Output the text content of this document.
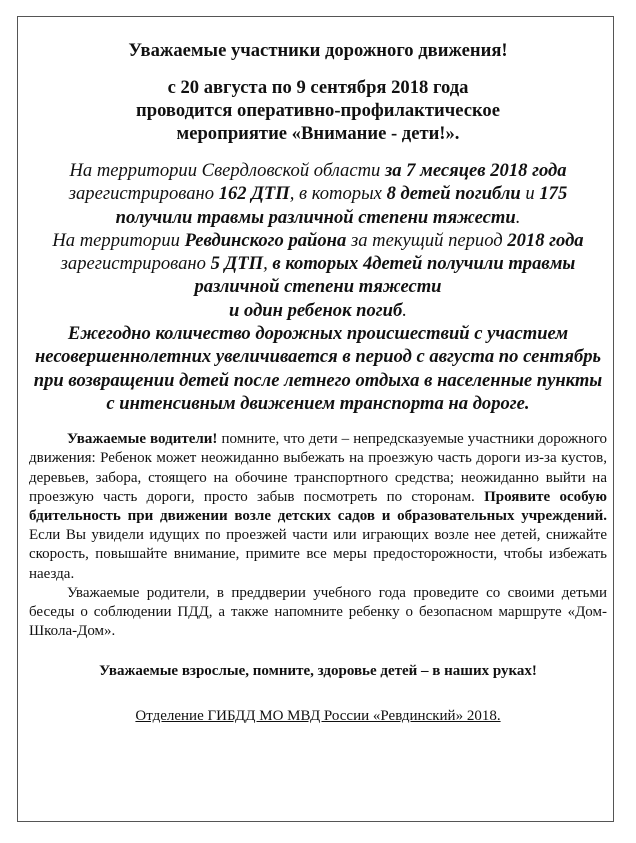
Уважаемые участники дорожного движения!

с 20 августа по 9 сентября 2018 года
проводится оперативно-профилактическое
мероприятие «Внимание - дети!».

На территории Свердловской области за 7 месяцев 2018 года зарегистрировано 162 ДТП, в которых 8 детей погибли и 175 получили травмы различной степени тяжести.
На территории Ревдинского района за текущий период 2018 года зарегистрировано 5 ДТП, в которых 4детей получили травмы различной степени тяжести
и один ребенок погиб.
Ежегодно количество дорожных происшествий с участием несовершеннолетних увеличивается в период с августа по сентябрь при возвращении детей после летнего отдыха в населенные пункты с интенсивным движением транспорта на дороге.

Уважаемые водители! помните, что дети – непредсказуемые участники дорожного движения: Ребенок может неожиданно выбежать на проезжую часть дороги из-за кустов, деревьев, забора, стоящего на обочине транспортного средства; неожиданно выйти на проезжую часть дороги, просто забыв посмотреть по сторонам. Проявите особую бдительность при движении возле детских садов и образовательных учреждений. Если Вы увидели идущих по проезжей части или играющих возле нее детей, снижайте скорость, повышайте внимание, примите все меры предосторожности, чтобы избежать наезда.
Уважаемые родители, в преддверии учебного года проведите со своими детьми беседы о соблюдении ПДД, а также напомните ребенку о безопасном маршруте «Дом-Школа-Дом».

Уважаемые взрослые, помните, здоровье детей – в наших руках!

Отделение ГИБДД МО МВД России «Ревдинский» 2018.
